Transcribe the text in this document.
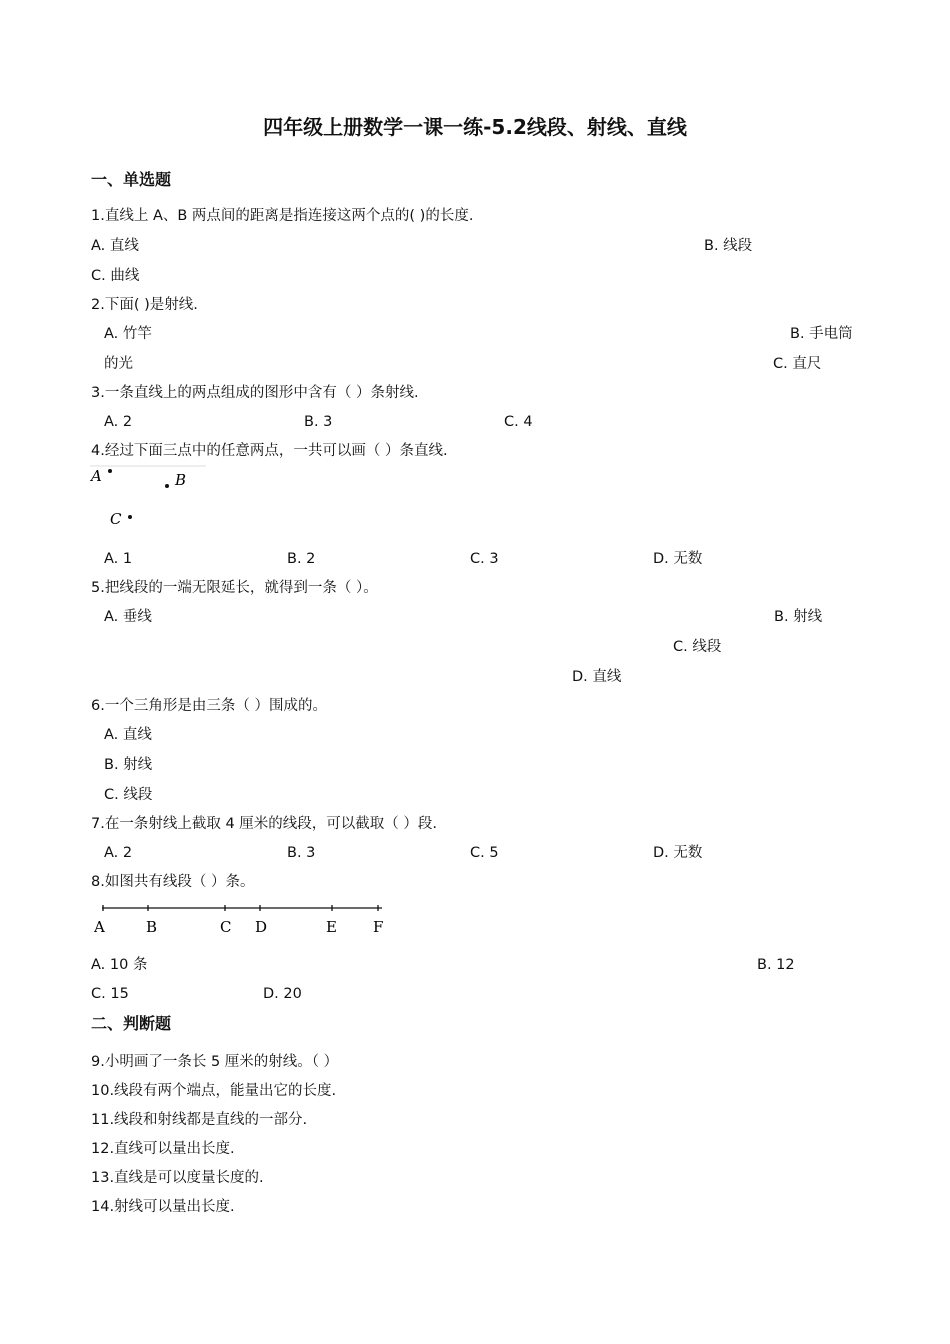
四年级上册数学一课一练-5.2线段、射线、直线
一、单选题
1.直线上 A、B 两点间的距离是指连接这两个点的( )的长度.
A. 直线	B. 线段
C. 曲线
2.下面( )是射线.
A. 竹竿	B. 手电筒
的光	C. 直尺
3.一条直线上的两点组成的图形中含有（ ）条射线.
A. 2	B. 3	C. 4
4.经过下面三点中的任意两点，一共可以画（ ）条直线.
A	B
C
A. 1	B. 2	C. 3	D. 无数
5.把线段的一端无限延长，就得到一条（ ）。
A. 垂线	B. 射线
C. 线段
D. 直线
6.一个三角形是由三条（ ）围成的。
A. 直线
B. 射线
C. 线段
7.在一条射线上截取 4 厘米的线段，可以截取（ ）段.
A. 2	B. 3	C. 5	D. 无数
8.如图共有线段（ ）条。
A	B	C D	E F
A. 10 条	B. 12
C. 15	D. 20
二、判断题
9.小明画了一条长 5 厘米的射线。（ ）
10.线段有两个端点，能量出它的长度.
11.线段和射线都是直线的一部分.
12.直线可以量出长度.
13.直线是可以度量长度的.
14.射线可以量出长度.
